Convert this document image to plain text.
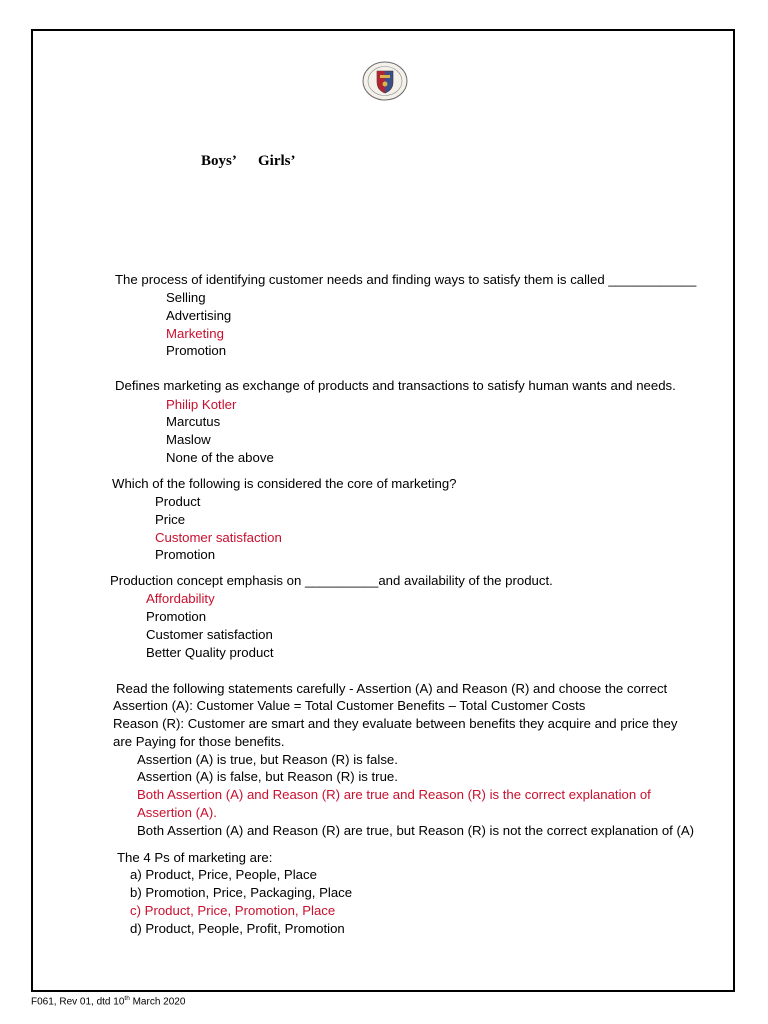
Boys’ Girls’
The process of identifying customer needs and finding ways to satisfy them is called ____________
Selling
Advertising
Marketing
Promotion
Defines marketing as exchange of products and transactions to satisfy human wants and needs.
Philip Kotler
Marcutus
Maslow
None of the above
Which of the following is considered the core of marketing?
Product
Price
Customer satisfaction
Promotion
Production concept emphasis on __________and availability of the product.
Affordability
Promotion
Customer satisfaction
Better Quality product
Read the following statements carefully - Assertion (A) and Reason (R) and choose the correct
Assertion (A): Customer Value = Total Customer Benefits – Total Customer Costs
Reason (R): Customer are smart and they evaluate between benefits they acquire and price they
are Paying for those benefits.
Assertion (A) is true, but Reason (R) is false.
Assertion (A) is false, but Reason (R) is true.
Both Assertion (A) and Reason (R) are true and Reason (R) is the correct explanation of
Assertion (A).
Both Assertion (A) and Reason (R) are true, but Reason (R) is not the correct explanation of (A)
The 4 Ps of marketing are:
a) Product, Price, People, Place
b) Promotion, Price, Packaging, Place
c) Product, Price, Promotion, Place
d) Product, People, Profit, Promotion
F061, Rev 01, dtd 10th March 2020
